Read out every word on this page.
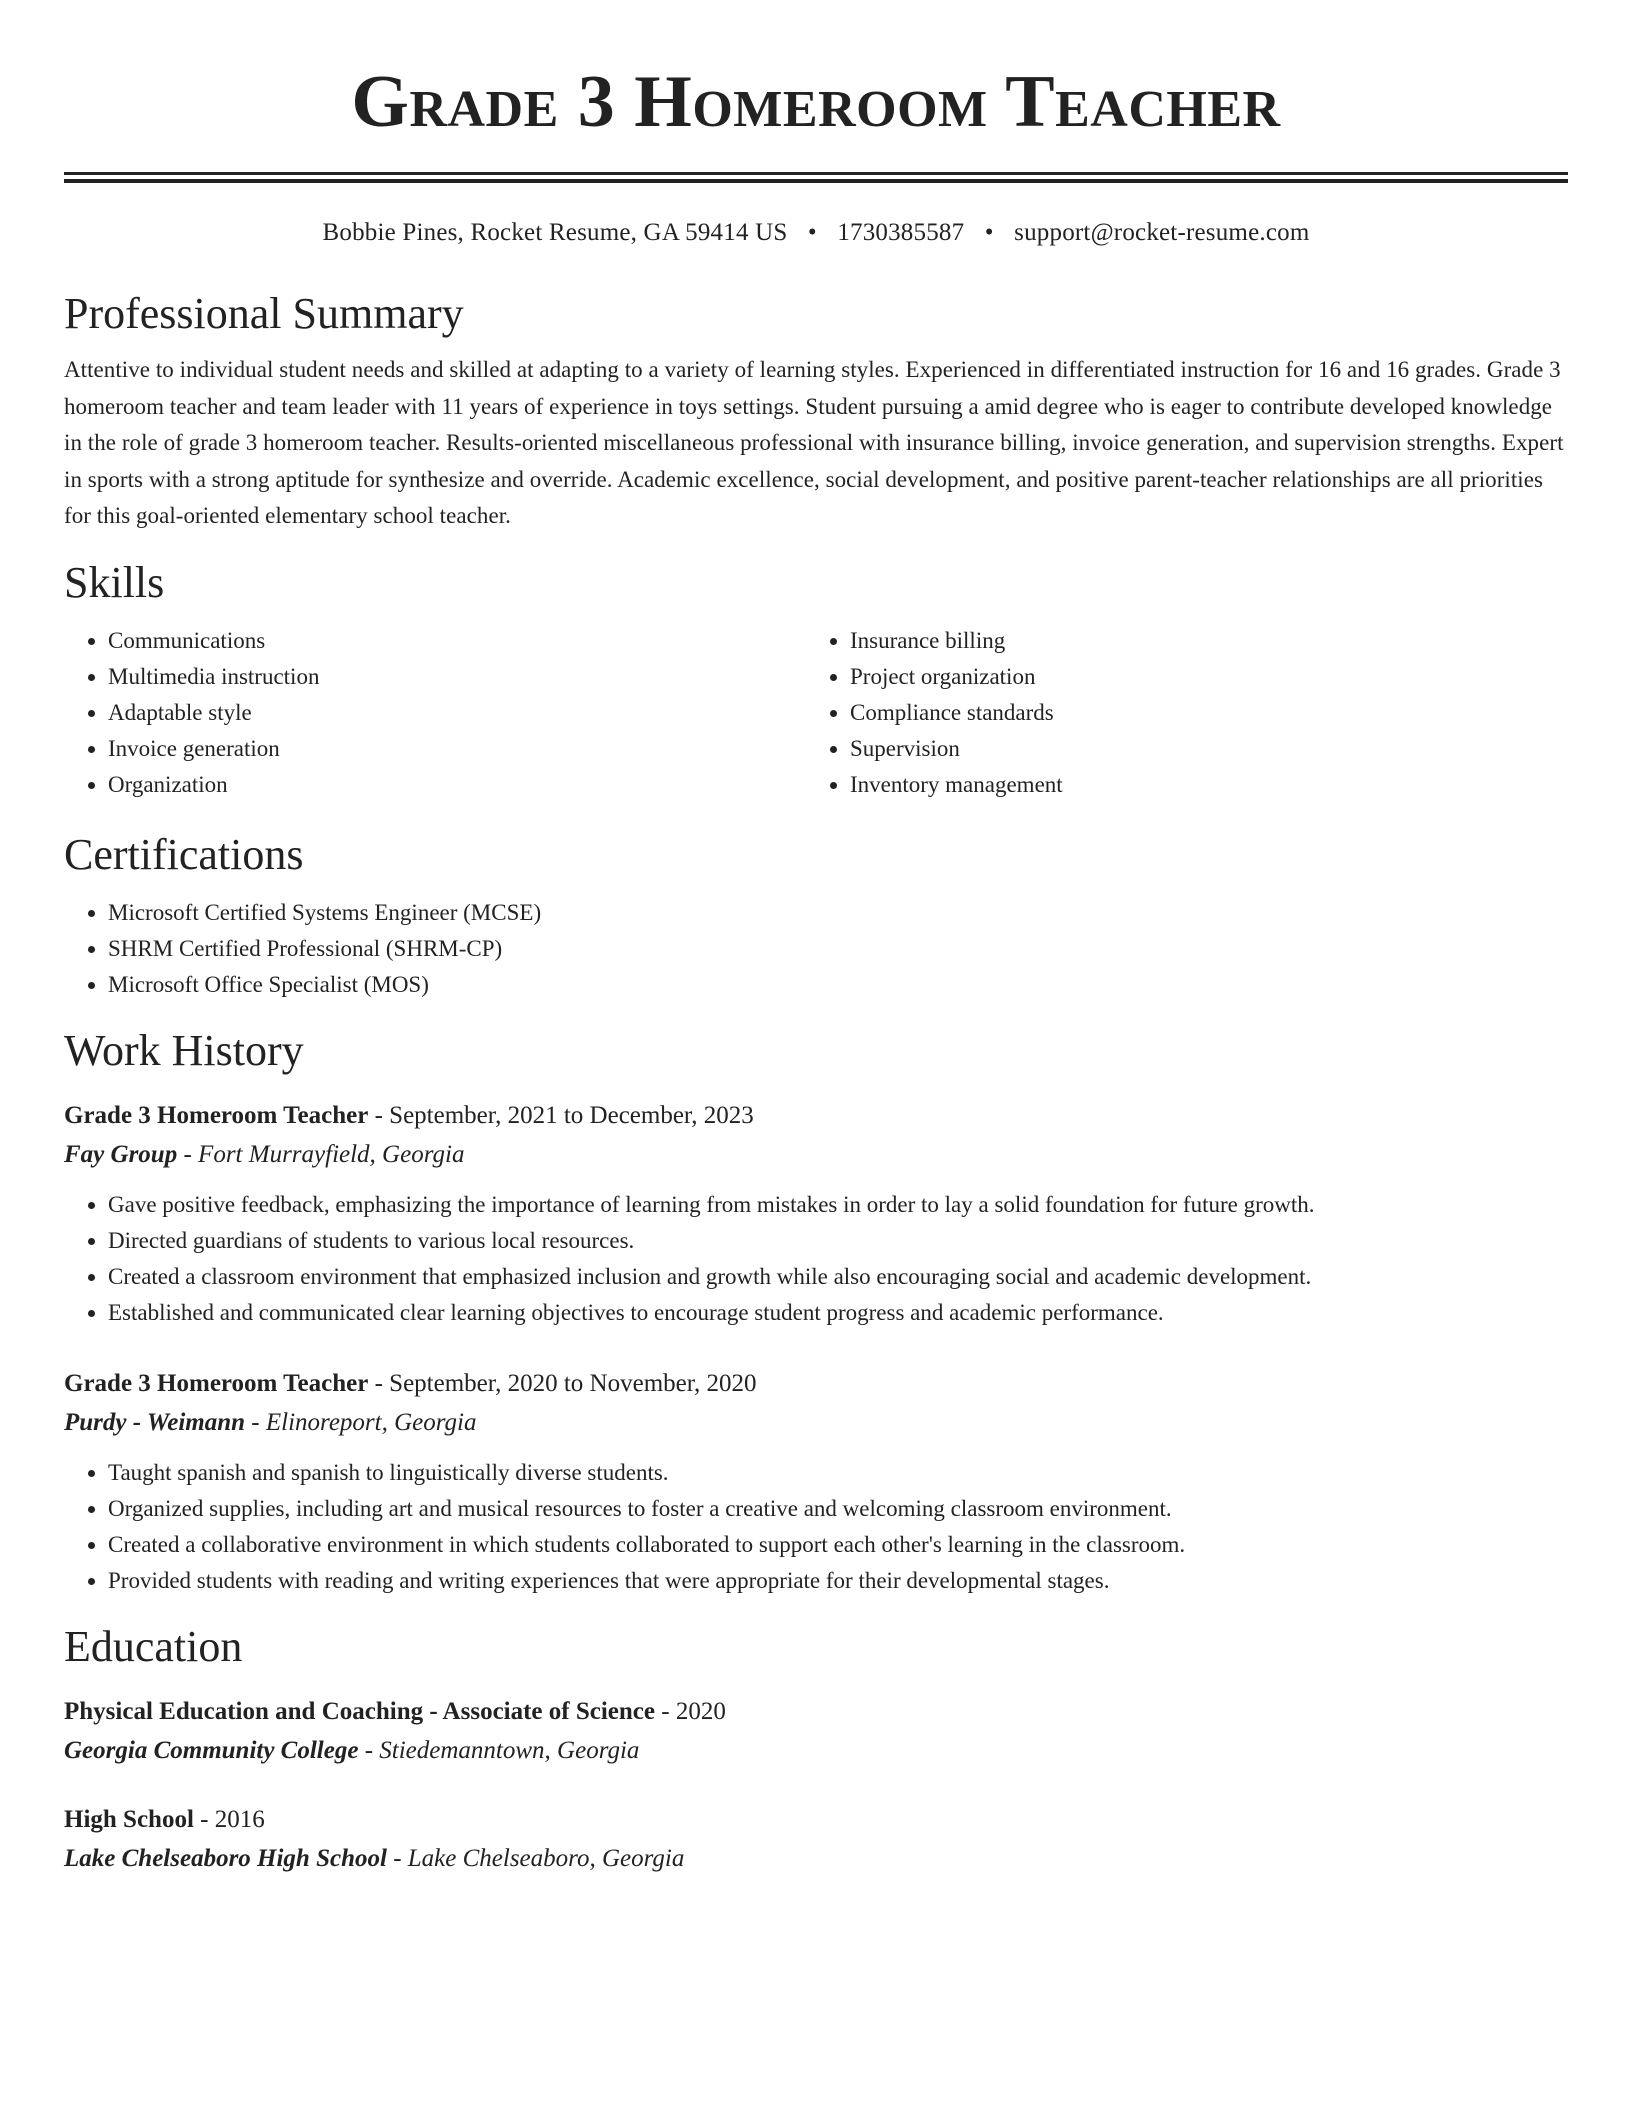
Grade 3 Homeroom Teacher
Bobbie Pines, Rocket Resume, GA 59414 US • 1730385587 • support@rocket-resume.com
Professional Summary

Attentive to individual student needs and skilled at adapting to a variety of learning styles. Experienced in differentiated instruction for 16 and 16 grades. Grade 3 homeroom teacher and team leader with 11 years of experience in toys settings. Student pursuing a amid degree who is eager to contribute developed knowledge in the role of grade 3 homeroom teacher. Results-oriented miscellaneous professional with insurance billing, invoice generation, and supervision strengths. Expert in sports with a strong aptitude for synthesize and override. Academic excellence, social development, and positive parent-teacher relationships are all priorities for this goal-oriented elementary school teacher.

Skills
• Communications
• Multimedia instruction
• Adaptable style
• Invoice generation
• Organization
• Insurance billing
• Project organization
• Compliance standards
• Supervision
• Inventory management
Certifications
• Microsoft Certified Systems Engineer (MCSE)
• SHRM Certified Professional (SHRM-CP)
• Microsoft Office Specialist (MOS)
Work History
Grade 3 Homeroom Teacher - September, 2021 to December, 2023
Fay Group - Fort Murrayfield, Georgia
• Gave positive feedback, emphasizing the importance of learning from mistakes in order to lay a solid foundation for future growth.
• Directed guardians of students to various local resources.
• Created a classroom environment that emphasized inclusion and growth while also encouraging social and academic development.
• Established and communicated clear learning objectives to encourage student progress and academic performance.
Grade 3 Homeroom Teacher - September, 2020 to November, 2020
Purdy - Weimann - Elinoreport, Georgia
• Taught spanish and spanish to linguistically diverse students.
• Organized supplies, including art and musical resources to foster a creative and welcoming classroom environment.
• Created a collaborative environment in which students collaborated to support each other's learning in the classroom.
• Provided students with reading and writing experiences that were appropriate for their developmental stages.
Education
Physical Education and Coaching - Associate of Science - 2020
Georgia Community College - Stiedemanntown, Georgia
High School - 2016
Lake Chelseaboro High School - Lake Chelseaboro, Georgia
